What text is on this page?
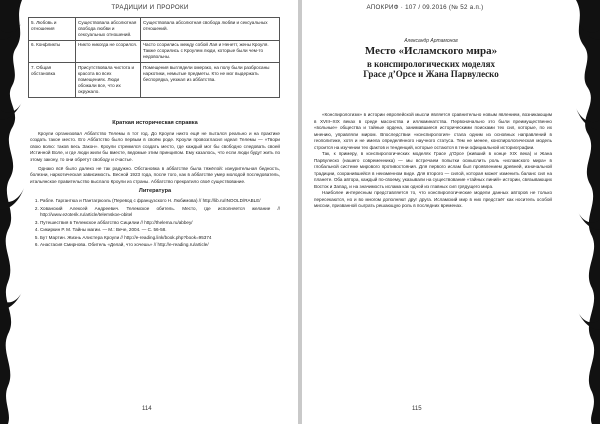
ТРАДИЦИИ И ПРОРОКИ
5. Любовь и отношения	Существовала абсолютная свобода любви и сексуальных отношений.	Существовала абсолютная свобода любви и сексуальных отношений.
6. Конфликты	Никто никогда не ссорился.	Часто ссорились между собой Лая и Ненетт, жены Кроуля. Также ссорились с Кроулем люди, которые были чем-то недовольны.
7. Общая обстановка	Присутствовала чистота и красота во всех помещениях. Люди обожали все, что их окружало.	Помещения выглядели омерзко, на полу были разбросаны наркотики, немытые предметы. Кто не мог выдержать беспорядка, уезжал из аббатства.
Краткая историческая справка

Кроули организовал Аббатство Телемы в тот год. До Кроули никто ещё не пытался реально и на практике создать такое место. Его Аббатство было первым в своём роде. Кроули провозгласил идеал Телемы — «Твори свою волю: таков весь Закон». Кроули стремился создать место, где каждый мог бы свободно следовать своей Истинной Воле, и где люди жили бы вместе, ведомые этим принципом. Ему казалось, что если люди будут жить по этому закону, то они обретут свободу и счастье.

Однако всё было далеко не так радужно. Обстановка в аббатстве была тяжёлой: изнурительная бедность, болезни, наркотическая зависимость. Весной 1923 года, после того, как в аббатстве умер молодой последователь, итальянское правительство выслало Кроули из страны. Аббатство прекратило своё существование.

Литература
1. Рабле. Гаргантюа и Пантагрюэль (Перевод с французского Н. Любимова) // http://lib.ru/INOOLD/RABLE/
2. Хованский Алексей Андреевич. Телемское обитель. Место, где исполняется желание // http://www.ezoterik.ru/article/telemskoe-obitel
3. Путешествия в Телемское аббатство Сицилии // http://thelema.ru/abbey/
4. Сикиркин Р. М. Тайны магии. — М.: Вече, 2004. — С. 56-58.
5. Бут Мартин. Жизнь Алистера Кроули // http://e-reading.link/book.php?book=95374
6. Анастасия Смирнова. Обитель «Делай, что хочешь» // http://e-reading.ru/article/
114
АПОКРИФ · 107 / 09.2016 (№ 52 а.п.)
Александр Артамонов
Место «Исламского мира»
в конспирологических моделях
Грасе д’Орсе и Жана Парвулеско

«Конспирологизм» в истории европейской мысли является сравнительно новым явлением, возникающим в XVIII–XIX веках в среде масонства и иллюминатства. Первоначально это были преимущественно «вольные» общества и тайные ордена, занимавшиеся историческими поисками тех сил, которые, по их мнению, управляли миром. Впоследствии «конспирология» стала одним из основных направлений в геополитике, хотя и не имела определённого научного статуса. Тем не менее, конспирологическая модель строится на изучении тех фактов и тенденций, которые остаются в тени официальной историографии.

Так, к примеру, в конспирологических моделях Грасе д’Орсе (живший в конце XIX века) и Жана Парвулеско (нашего современника) — мы встречаем попытки осмыслить роль «исламского мира» в глобальной системе мирового противостояния. Для первого ислам был проявлением древней, изначальной традиции, сохранившейся в неизменном виде. Для второго — силой, которая может изменить баланс сил на планете. Оба автора, каждый по-своему, указывали на существование «тайных линий» истории, связывающих Восток и Запад, и на значимость ислама как одной из главных сил грядущего мира.

Наиболее интересным представляется то, что конспирологические модели данных авторов не только пересекаются, но и во многом дополняют друг друга. Исламский мир в них предстаёт как носитель особой миссии, призванной сыграть решающую роль в последних временах.

115
